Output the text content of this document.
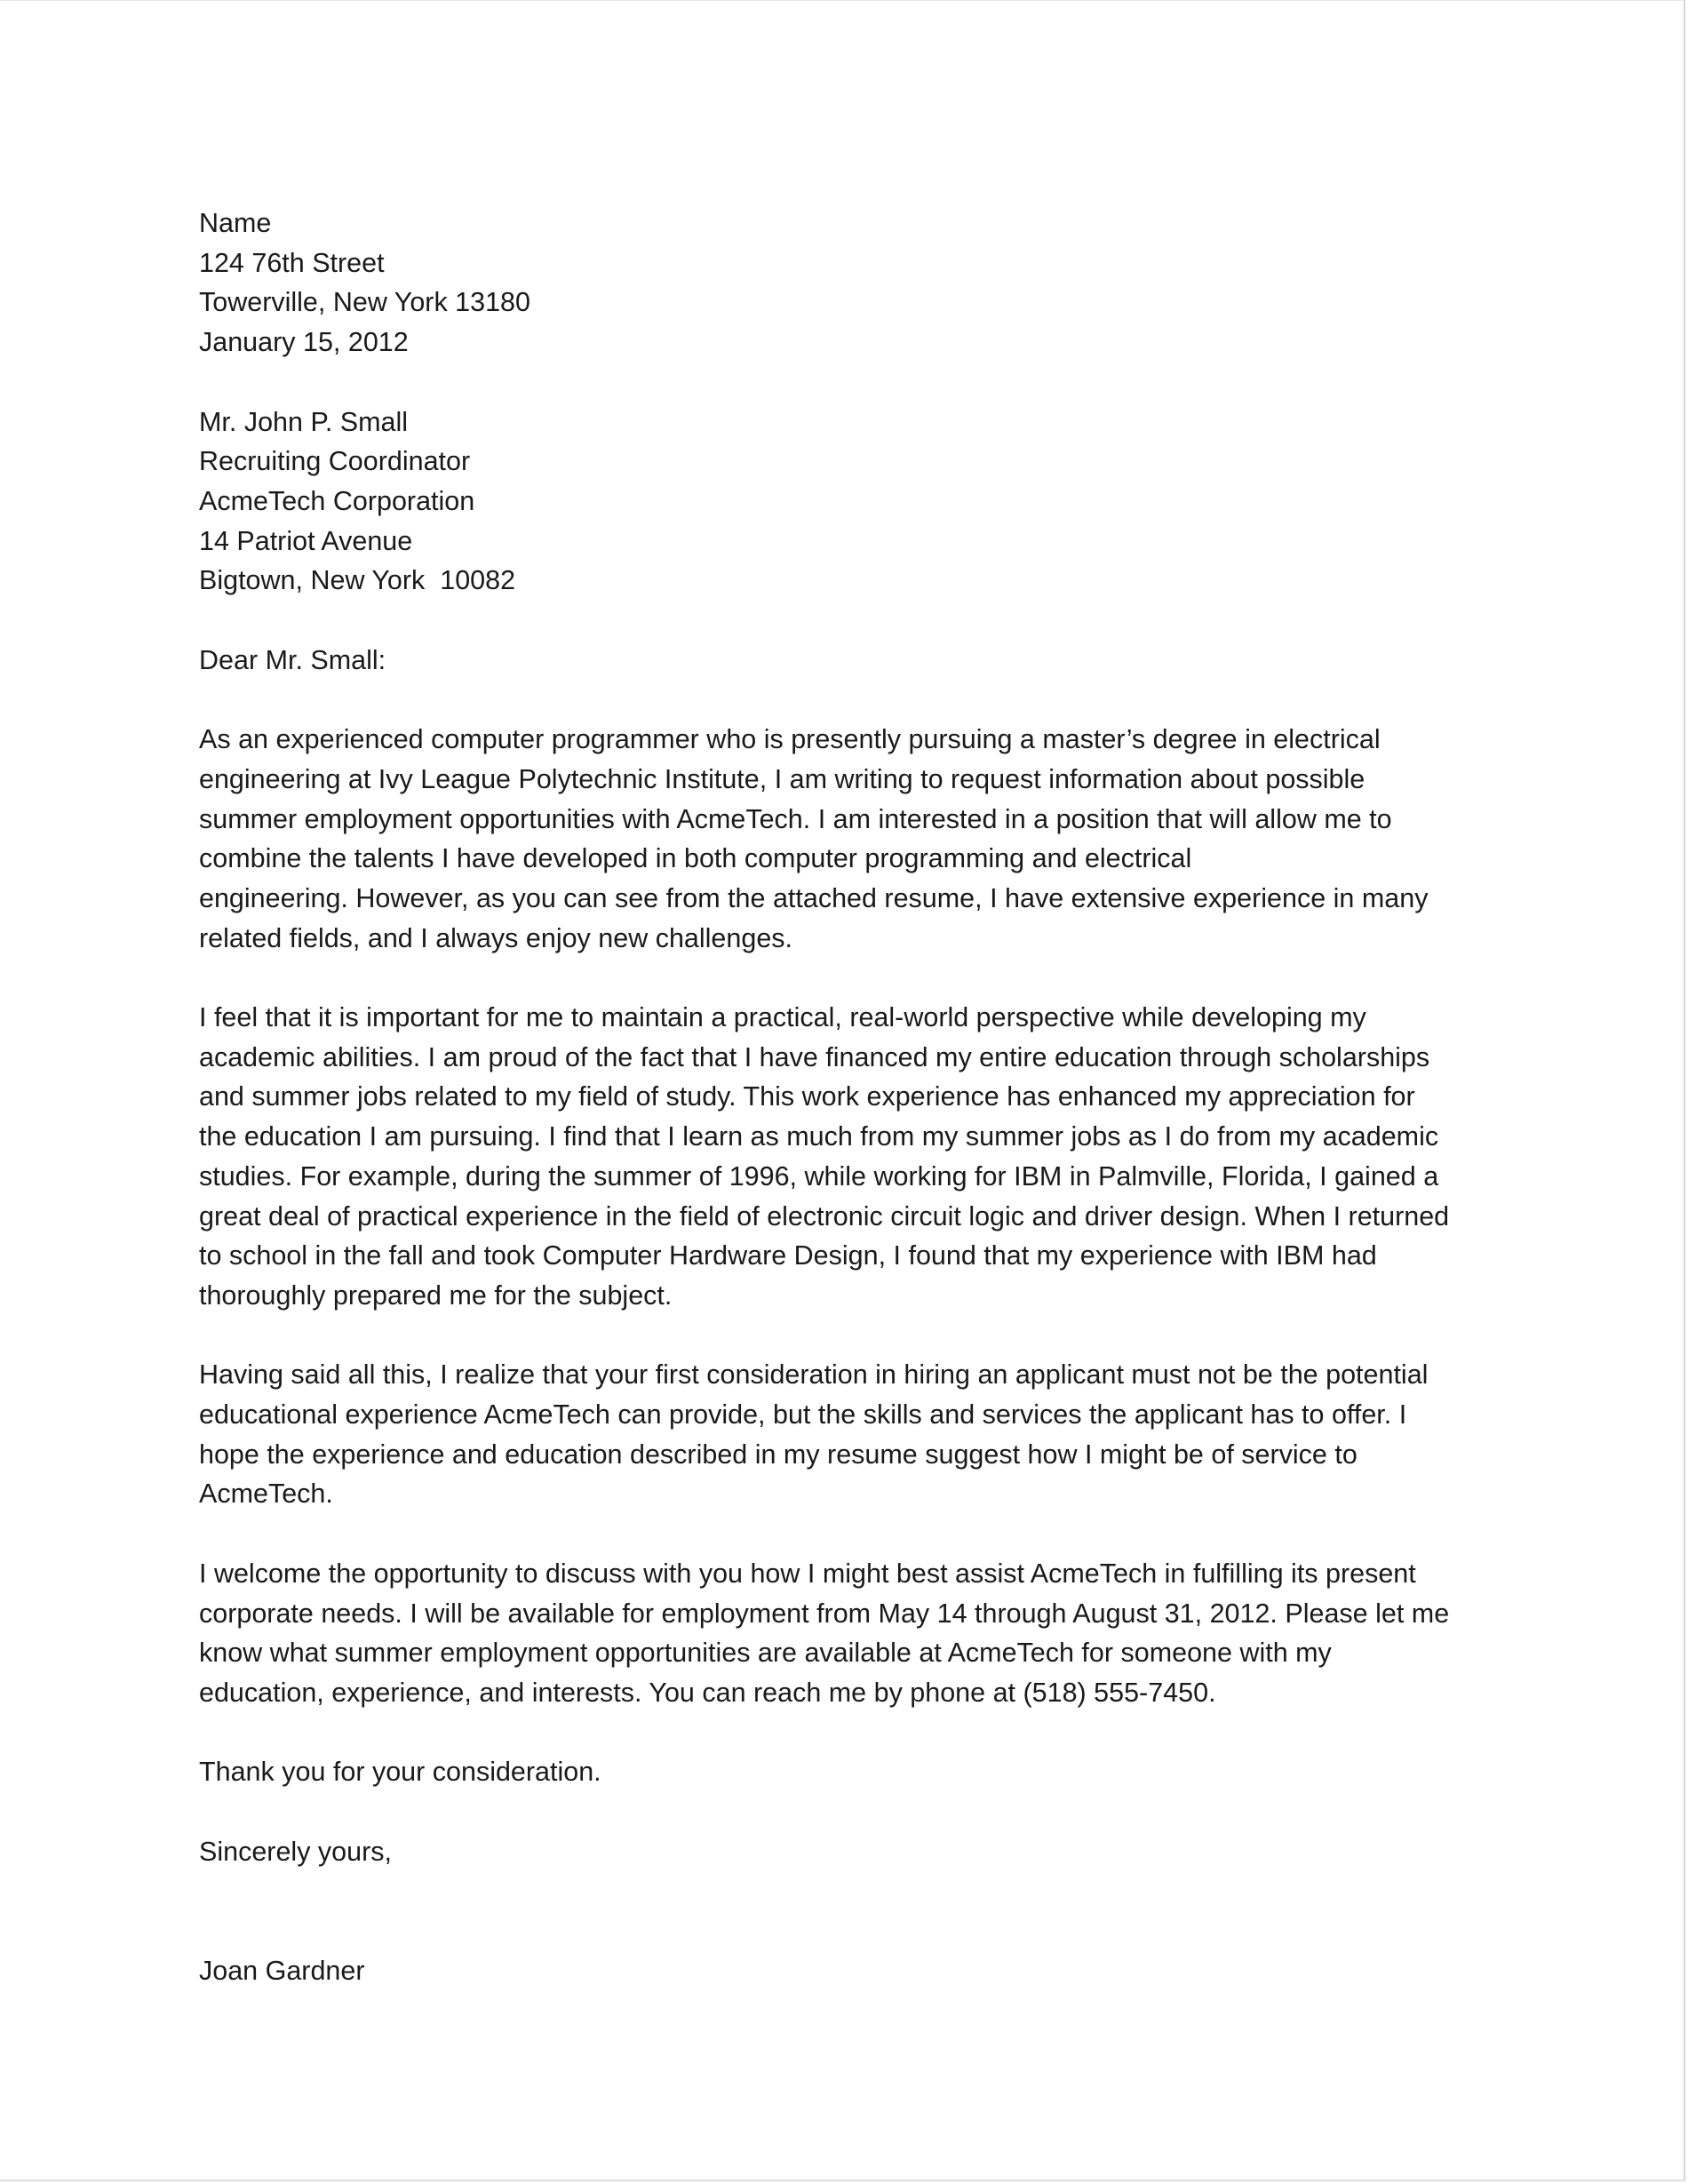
Name
124 76th Street
Towerville, New York 13180
January 15, 2012
Mr. John P. Small
Recruiting Coordinator
AcmeTech Corporation
14 Patriot Avenue
Bigtown, New York  10082

Dear Mr. Small:

As an experienced computer programmer who is presently pursuing a master’s degree in electrical
engineering at Ivy League Polytechnic Institute, I am writing to request information about possible
summer employment opportunities with AcmeTech. I am interested in a position that will allow me to
combine the talents I have developed in both computer programming and electrical
engineering. However, as you can see from the attached resume, I have extensive experience in many
related fields, and I always enjoy new challenges.

I feel that it is important for me to maintain a practical, real-world perspective while developing my
academic abilities. I am proud of the fact that I have financed my entire education through scholarships
and summer jobs related to my field of study. This work experience has enhanced my appreciation for
the education I am pursuing. I find that I learn as much from my summer jobs as I do from my academic
studies. For example, during the summer of 1996, while working for IBM in Palmville, Florida, I gained a
great deal of practical experience in the field of electronic circuit logic and driver design. When I returned
to school in the fall and took Computer Hardware Design, I found that my experience with IBM had
thoroughly prepared me for the subject.

Having said all this, I realize that your first consideration in hiring an applicant must not be the potential
educational experience AcmeTech can provide, but the skills and services the applicant has to offer. I
hope the experience and education described in my resume suggest how I might be of service to
AcmeTech.

I welcome the opportunity to discuss with you how I might best assist AcmeTech in fulfilling its present
corporate needs. I will be available for employment from May 14 through August 31, 2012. Please let me
know what summer employment opportunities are available at AcmeTech for someone with my
education, experience, and interests. You can reach me by phone at (518) 555-7450.

Thank you for your consideration.

Sincerely yours,

Joan Gardner
